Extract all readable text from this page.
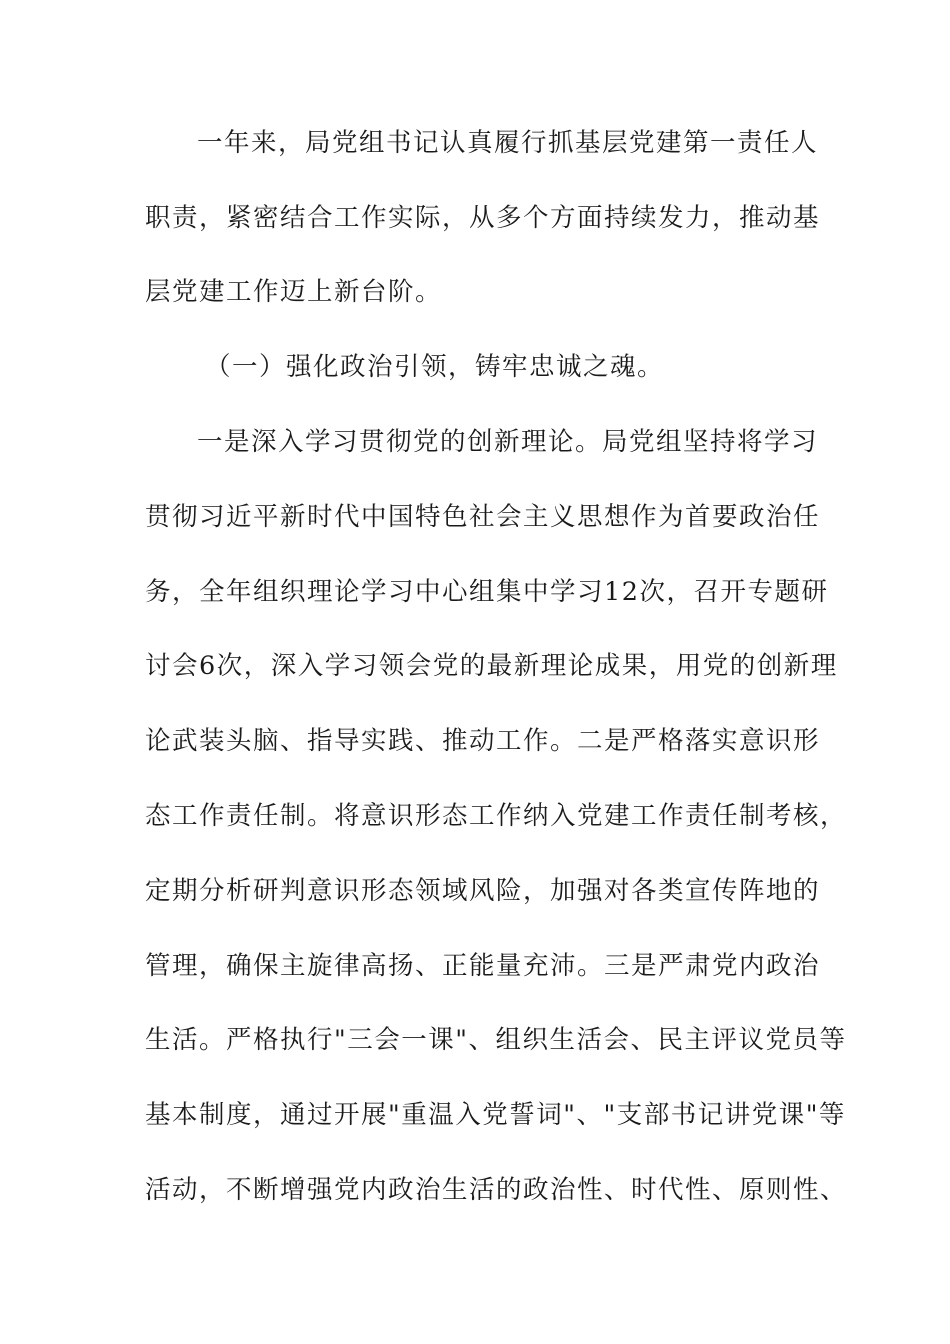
一年来，局党组书记认真履行抓基层党建第一责任人
职责，紧密结合工作实际，从多个方面持续发力，推动基
层党建工作迈上新台阶。
（一）强化政治引领，铸牢忠诚之魂。
一是深入学习贯彻党的创新理论。局党组坚持将学习
贯彻习近平新时代中国特色社会主义思想作为首要政治任
务，全年组织理论学习中心组集中学习12次，召开专题研
讨会6次，深入学习领会党的最新理论成果，用党的创新理
论武装头脑、指导实践、推动工作。二是严格落实意识形
态工作责任制。将意识形态工作纳入党建工作责任制考核，
定期分析研判意识形态领域风险，加强对各类宣传阵地的
管理，确保主旋律高扬、正能量充沛。三是严肃党内政治
生活。严格执行"三会一课"、组织生活会、民主评议党员等
基本制度，通过开展"重温入党誓词"、"支部书记讲党课"等
活动，不断增强党内政治生活的政治性、时代性、原则性、
